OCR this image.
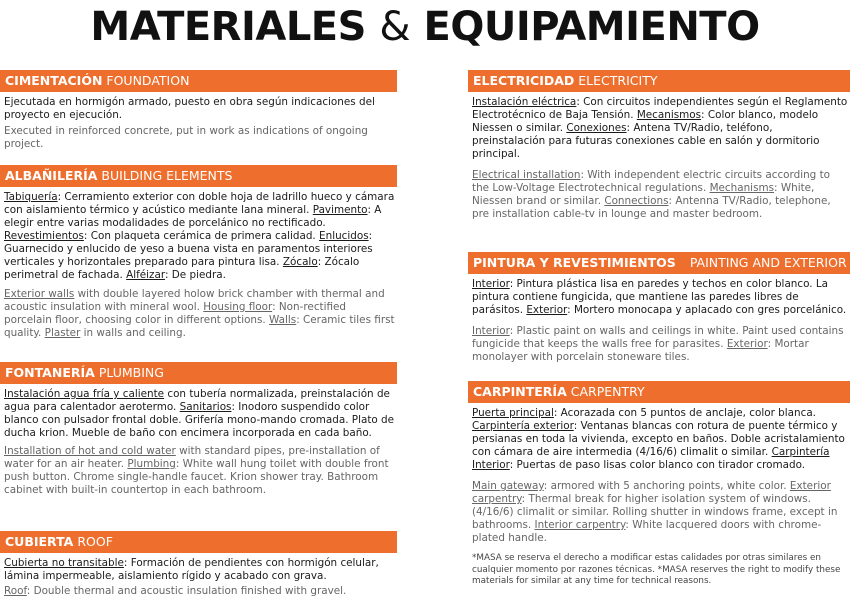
MATERIALES & EQUIPAMIENTO
CIMENTACIÓN FOUNDATION

Ejecutada en hormigón armado, puesto en obra según indicaciones del proyecto en ejecución.

Executed in reinforced concrete, put in work as indications of ongoing project.

ALBAÑILERÍA BUILDING ELEMENTS

Tabiquería: Cerramiento exterior con doble hoja de ladrillo hueco y cámara con aislamiento térmico y acústico mediante lana mineral. Pavimento: A elegir entre varias modalidades de porcelánico no rectificado. Revestimientos: Con plaqueta cerámica de primera calidad. Enlucidos: Guarnecido y enlucido de yeso a buena vista en paramentos interiores verticales y horizontales preparado para pintura lisa. Zócalo: Zócalo perimetral de fachada. Alféizar: De piedra.

Exterior walls with double layered holow brick chamber with thermal and acoustic insulation with mineral wool. Housing floor: Non-rectified porcelain floor, choosing color in different options. Walls: Ceramic tiles first quality. Plaster in walls and ceiling.

FONTANERÍA PLUMBING

Instalación agua fría y caliente con tubería normalizada, preinstalación de agua para calentador aerotermo. Sanitarios: Inodoro suspendido color blanco con pulsador frontal doble. Grifería mono-mando cromada. Plato de ducha krion. Mueble de baño con encimera incorporada en cada baño.

Installation of hot and cold water with standard pipes, pre-installation of water for an air heater. Plumbing: White wall hung toilet with double front push button. Chrome single-handle faucet. Krion shower tray. Bathroom cabinet with built-in countertop in each bathroom.

CUBIERTA ROOF

Cubierta no transitable: Formación de pendientes con hormigón celular, lámina impermeable, aislamiento rígido y acabado con grava.

Roof: Double thermal and acoustic insulation finished with gravel.

ELECTRICIDAD ELECTRICITY

Instalación eléctrica: Con circuitos independientes según el Reglamento Electrotécnico de Baja Tensión. Mecanismos: Color blanco, modelo Niessen o similar. Conexiones: Antena TV/Radio, teléfono, preinstalación para futuras conexiones cable en salón y dormitorio principal.

Electrical installation: With independent electric circuits according to the Low-Voltage Electrotechnical regulations. Mechanisms: White, Niessen brand or similar. Connections: Antenna TV/Radio, telephone, pre installation cable-tv in lounge and master bedroom.

PINTURA Y REVESTIMIENTOS PAINTING AND EXTERIOR

Interior: Pintura plástica lisa en paredes y techos en color blanco. La pintura contiene fungicida, que mantiene las paredes libres de parásitos. Exterior: Mortero monocapa y aplacado con gres porcelánico.

Interior: Plastic paint on walls and ceilings in white. Paint used contains fungicide that keeps the walls free for parasites. Exterior: Mortar monolayer with porcelain stoneware tiles.

CARPINTERÍA CARPENTRY

Puerta principal: Acorazada con 5 puntos de anclaje, color blanca. Carpintería exterior: Ventanas blancas con rotura de puente térmico y persianas en toda la vivienda, excepto en baños. Doble acristalamiento con cámara de aire intermedia (4/16/6) climalit o similar. Carpintería Interior: Puertas de paso lisas color blanco con tirador cromado.

Main gateway: armored with 5 anchoring points, white color. Exterior carpentry: Thermal break for higher isolation system of windows. (4/16/6) climalit or similar. Rolling shutter in windows frame, except in bathrooms. Interior carpentry: White lacquered doors with chrome-plated handle.

*MASA se reserva el derecho a modificar estas calidades por otras similares en cualquier momento por razones técnicas. *MASA reserves the right to modify these materials for similar at any time for technical reasons.
